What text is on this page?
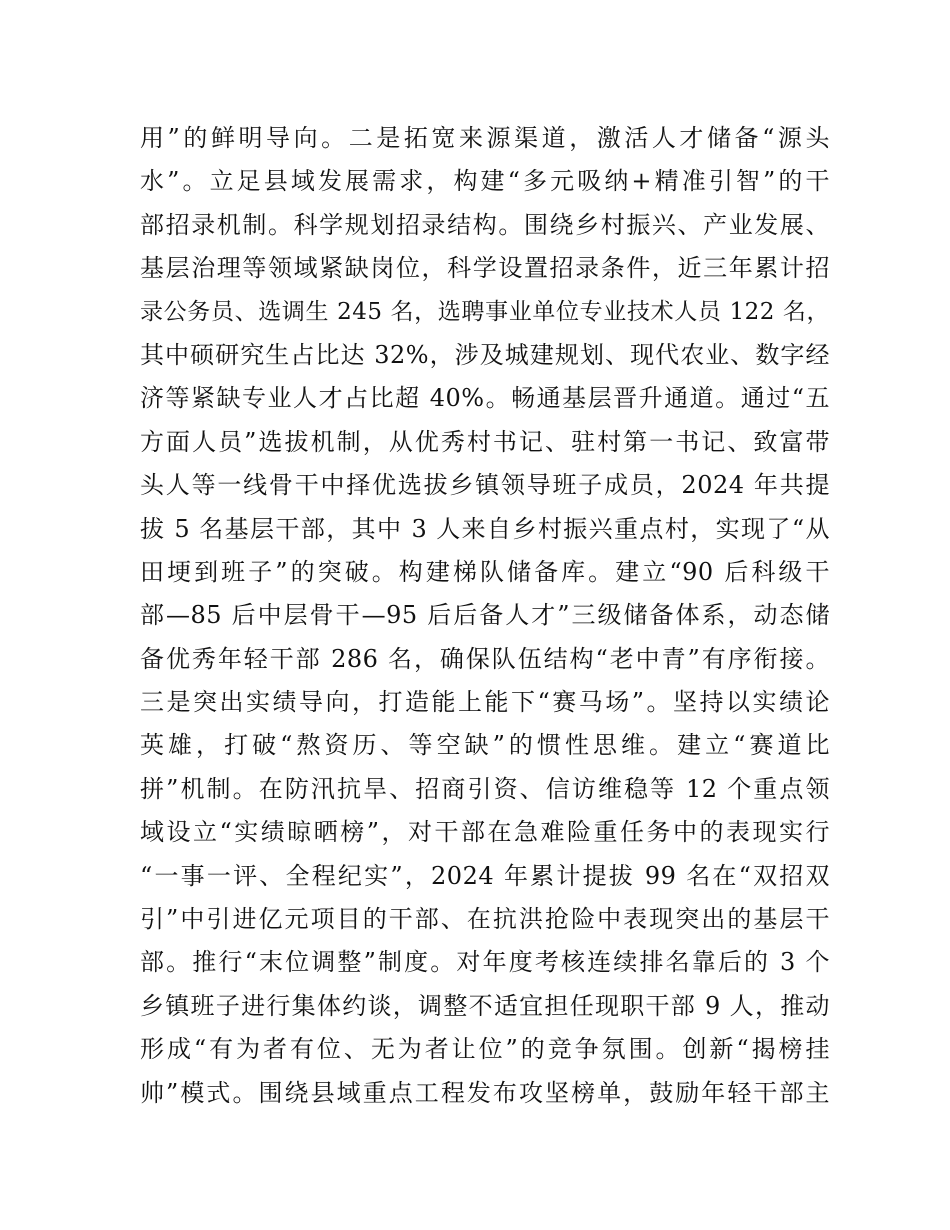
用”的鲜明导向。二是拓宽来源渠道，激活人才储备“源头
水”。立足县域发展需求，构建“多元吸纳+精准引智”的干
部招录机制。科学规划招录结构。围绕乡村振兴、产业发展、
基层治理等领域紧缺岗位，科学设置招录条件，近三年累计招
录公务员、选调生 245 名，选聘事业单位专业技术人员 122 名，
其中硕研究生占比达 32%，涉及城建规划、现代农业、数字经
济等紧缺专业人才占比超 40%。畅通基层晋升通道。通过“五
方面人员”选拔机制，从优秀村书记、驻村第一书记、致富带
头人等一线骨干中择优选拔乡镇领导班子成员，2024 年共提
拔 5 名基层干部，其中 3 人来自乡村振兴重点村，实现了“从
田埂到班子”的突破。构建梯队储备库。建立“90 后科级干
部—85 后中层骨干—95 后后备人才”三级储备体系，动态储
备优秀年轻干部 286 名，确保队伍结构“老中青”有序衔接。
三是突出实绩导向，打造能上能下“赛马场”。坚持以实绩论
英雄，打破“熬资历、等空缺”的惯性思维。建立“赛道比
拼”机制。在防汛抗旱、招商引资、信访维稳等 12 个重点领
域设立“实绩晾晒榜”，对干部在急难险重任务中的表现实行
“一事一评、全程纪实”，2024 年累计提拔 99 名在“双招双
引”中引进亿元项目的干部、在抗洪抢险中表现突出的基层干
部。推行“末位调整”制度。对年度考核连续排名靠后的 3 个
乡镇班子进行集体约谈，调整不适宜担任现职干部 9 人，推动
形成“有为者有位、无为者让位”的竞争氛围。创新“揭榜挂
帅”模式。围绕县域重点工程发布攻坚榜单，鼓励年轻干部主
